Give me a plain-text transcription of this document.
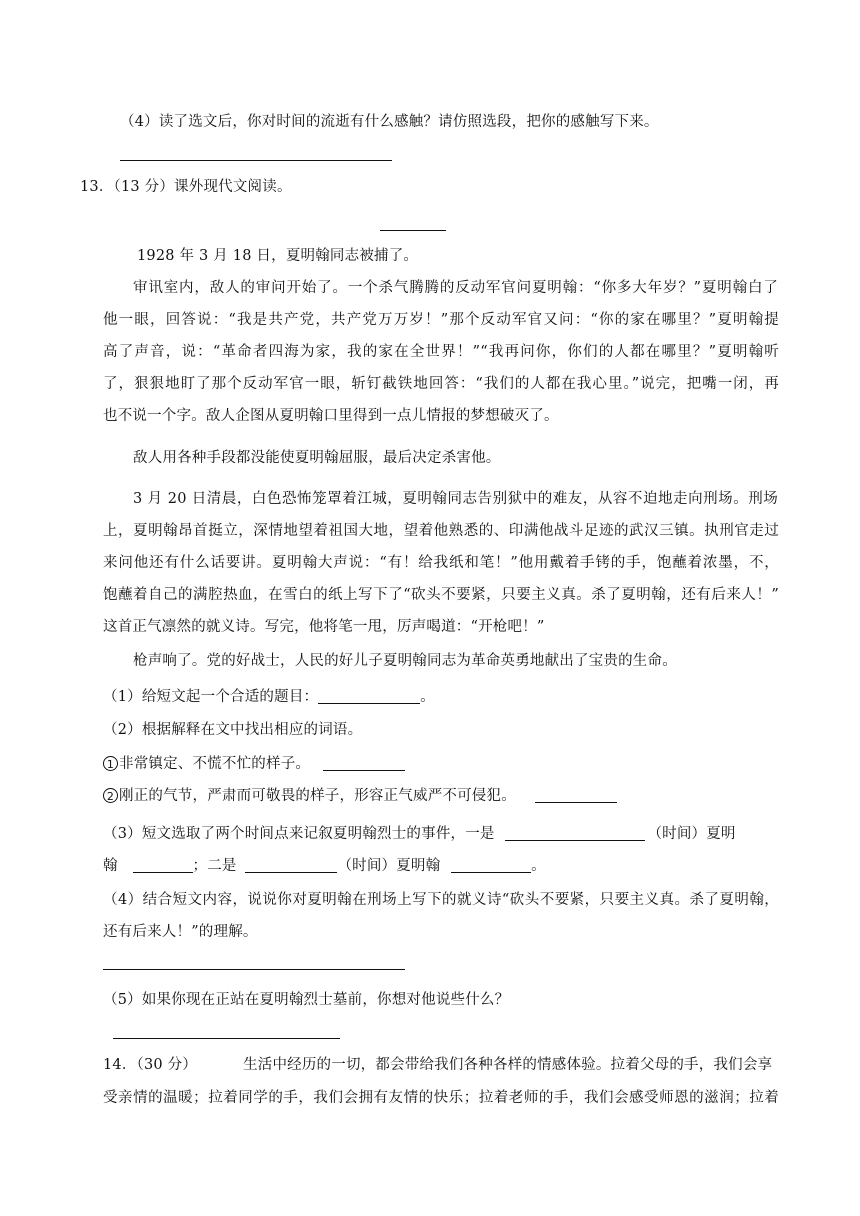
（4）读了选文后，你对时间的流逝有什么感触？请仿照选段，把你的感触写下来。
13．（13 分）课外现代文阅读。
1928 年 3 月 18 日，夏明翰同志被捕了。
审讯室内，敌人的审问开始了。一个杀气腾腾的反动军官问夏明翰：“你多大年岁？”夏明翰白了
他一眼，回答说：“我是共产党，共产党万万岁！”那个反动军官又问：“你的家在哪里？”夏明翰提
高了声音，说：“革命者四海为家，我的家在全世界！”“我再问你，你们的人都在哪里？”夏明翰听
了，狠狠地盯了那个反动军官一眼，斩钉截铁地回答：“我们的人都在我心里。”说完，把嘴一闭，再
也不说一个字。敌人企图从夏明翰口里得到一点儿情报的梦想破灭了。
敌人用各种手段都没能使夏明翰屈服，最后决定杀害他。
3 月 20 日清晨，白色恐怖笼罩着江城，夏明翰同志告别狱中的难友，从容不迫地走向刑场。刑场
上，夏明翰昂首挺立，深情地望着祖国大地，望着他熟悉的、印满他战斗足迹的武汉三镇。执刑官走过
来问他还有什么话要讲。夏明翰大声说：“有！给我纸和笔！”他用戴着手铐的手，饱蘸着浓墨，不，
饱蘸着自己的满腔热血，在雪白的纸上写下了“砍头不要紧，只要主义真。杀了夏明翰，还有后来人！”
这首正气凛然的就义诗。写完，他将笔一甩，厉声喝道：“开枪吧！”
枪声响了。党的好战士，人民的好儿子夏明翰同志为革命英勇地献出了宝贵的生命。
（1）给短文起一个合适的题目：	。
（2）根据解释在文中找出相应的词语。
1 非常镇定、不慌不忙的样子。
2 刚正的气节，严肃而可敬畏的样子，形容正气威严不可侵犯。
（3）短文选取了两个时间点来记叙夏明翰烈士的事件，一是	（时间）夏明
翰	；二是	（时间）夏明翰	。
（4）结合短文内容，说说你对夏明翰在刑场上写下的就义诗“砍头不要紧，只要主义真。杀了夏明翰，
还有后来人！”的理解。
（5）如果你现在正站在夏明翰烈士墓前，你想对他说些什么？
14．（30 分）	生活中经历的一切，都会带给我们各种各样的情感体验。拉着父母的手，我们会享
受亲情的温暖；拉着同学的手，我们会拥有友情的快乐；拉着老师的手，我们会感受师恩的滋润；拉着
